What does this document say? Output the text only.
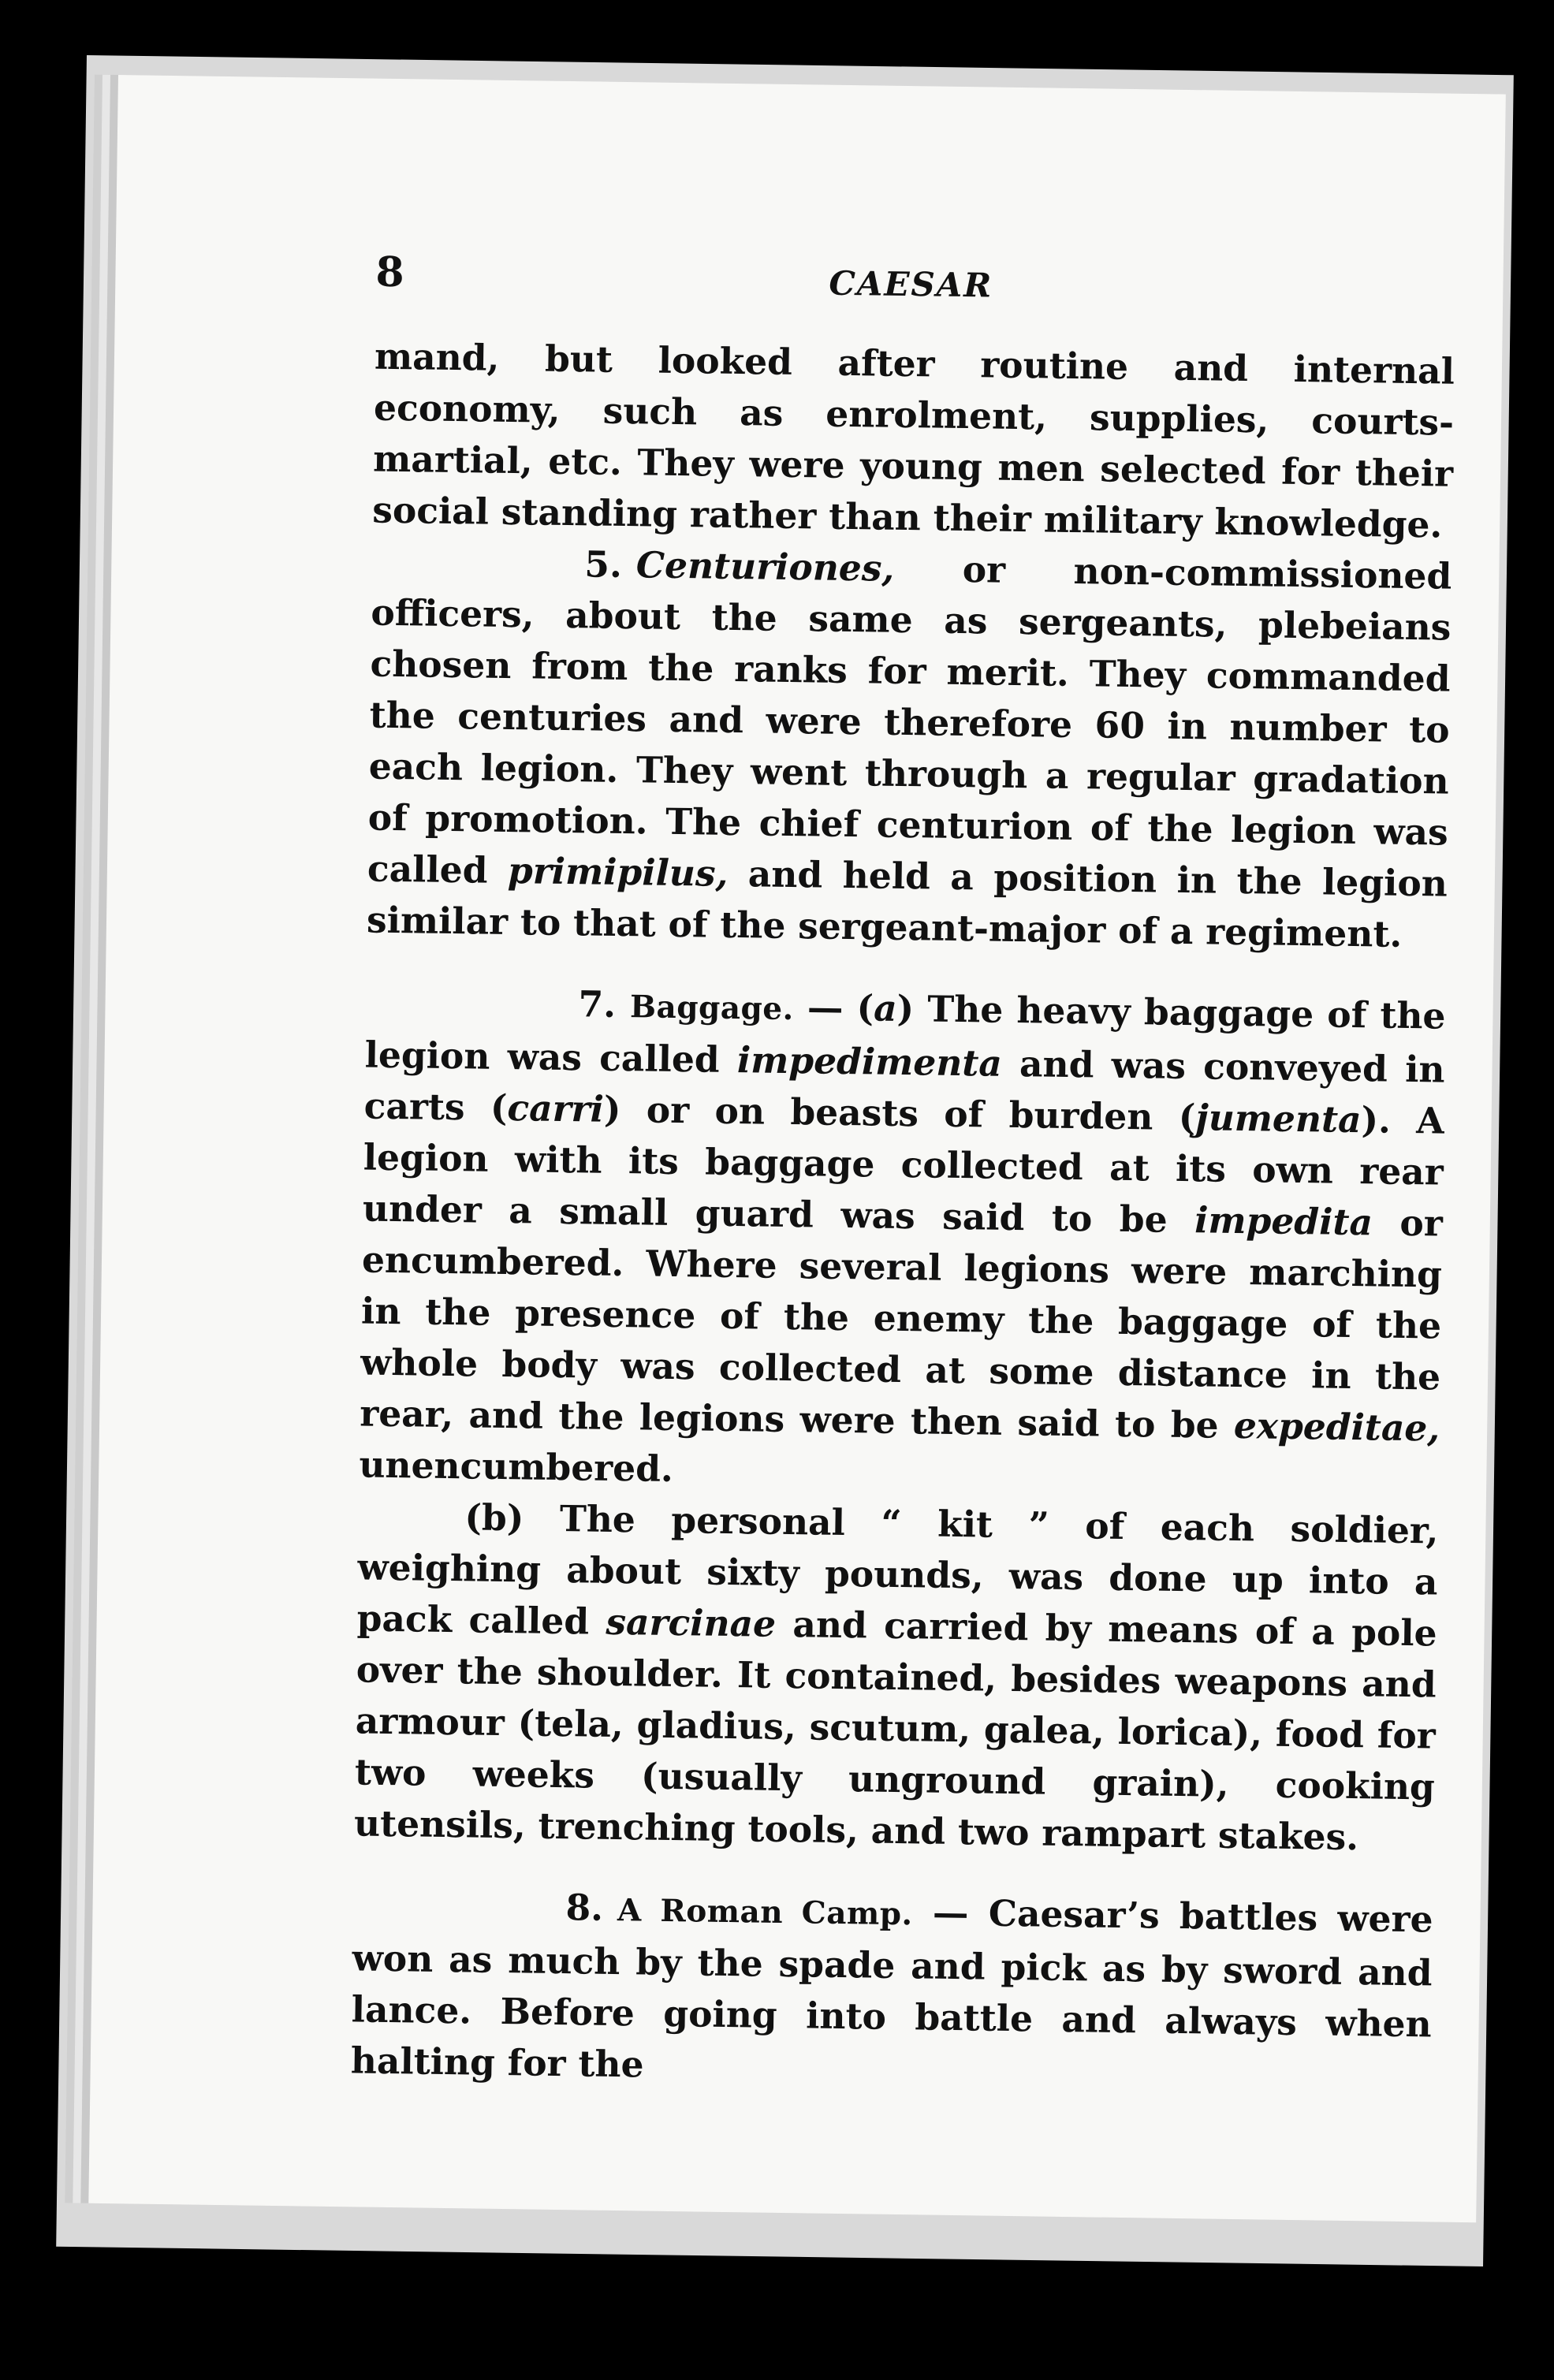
8	CAESAR

mand, but looked after routine and internal economy, such as enrolment, supplies, courts-martial, etc. They were young men selected for their social standing rather than their military knowledge.

5. Centuriones, or non-commissioned officers, about the same as sergeants, plebeians chosen from the ranks for merit. They commanded the centuries and were therefore 60 in number to each legion. They went through a regular gradation of promotion. The chief centurion of the legion was called primipilus, and held a position in the legion similar to that of the sergeant-major of a regiment.

7. Baggage. — (a) The heavy baggage of the legion was called impedimenta and was conveyed in carts (carri) or on beasts of burden (jumenta). A legion with its baggage collected at its own rear under a small guard was said to be impedita or encumbered. Where several legions were marching in the presence of the enemy the baggage of the whole body was collected at some distance in the rear, and the legions were then said to be expeditae, unencumbered.

(b) The personal “ kit ” of each soldier, weighing about sixty pounds, was done up into a pack called sarcinae and carried by means of a pole over the shoulder. It contained, besides weapons and armour (tela, gladius, scutum, galea, lorica), food for two weeks (usually unground grain), cooking utensils, trenching tools, and two rampart stakes.

8. A Roman Camp. — Caesar’s battles were won as much by the spade and pick as by sword and lance. Before going into battle and always when halting for the
